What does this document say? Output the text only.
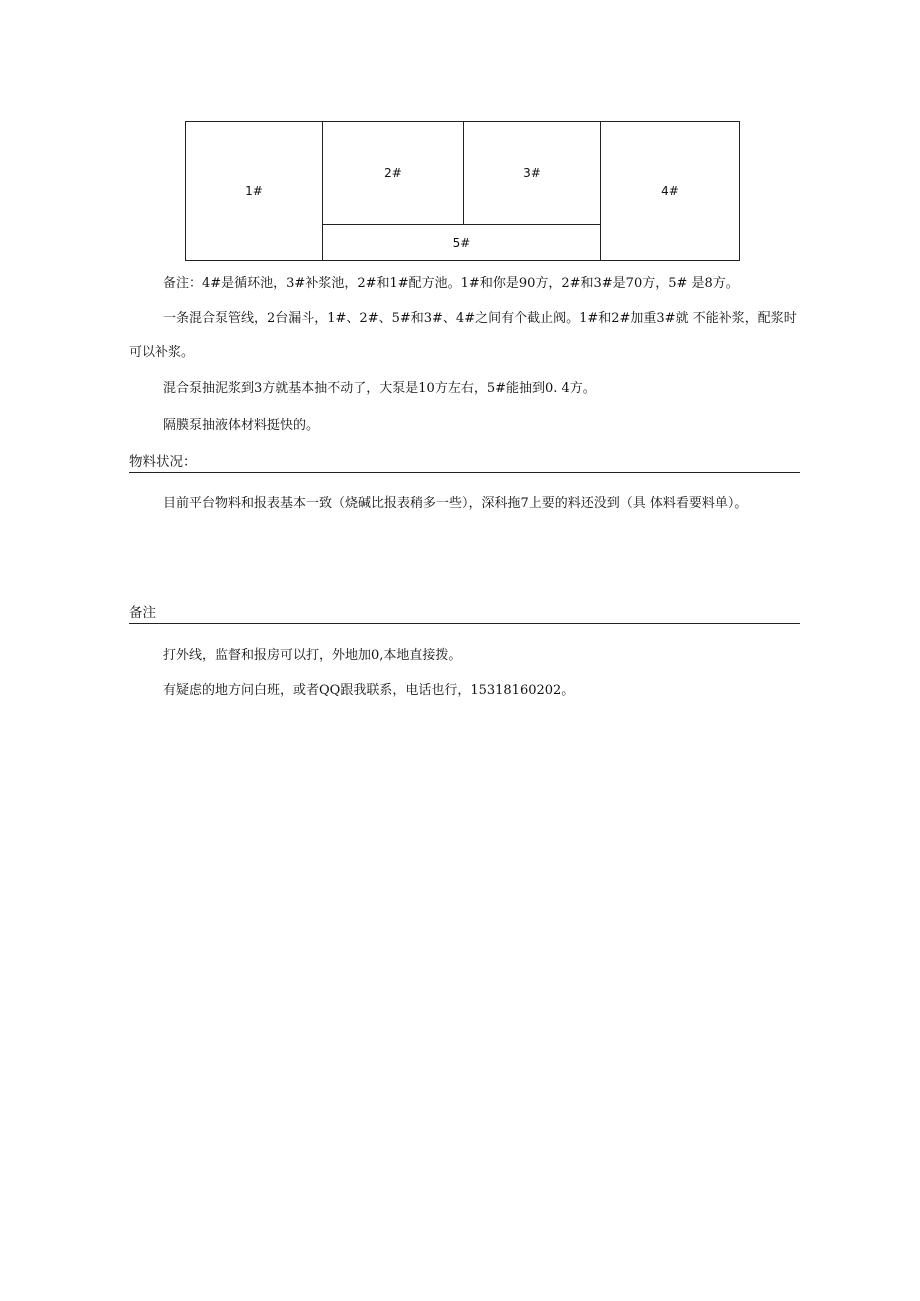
1#
2#	3#
4#
5#

备注：4#是循环池，3#补浆池，2#和1#配方池。1#和你是90方，2#和3#是70方，5# 是8方。

一条混合泵管线，2台漏斗，1#、2#、5#和3#、4#之间有个截止阀。1#和2#加重3#就 不能补浆，配浆时可以补浆。

混合泵抽泥浆到3方就基本抽不动了，大泵是10方左右，5#能抽到0. 4方。

隔膜泵抽液体材料挺快的。

物料状况：

目前平台物料和报表基本一致（烧碱比报表稍多一些），深科拖7上要的料还没到（具 体料看要料单）。

备注

打外线，监督和报房可以打，外地加0,本地直接拨。

有疑虑的地方问白班，或者QQ跟我联系，电话也行，15318160202。
